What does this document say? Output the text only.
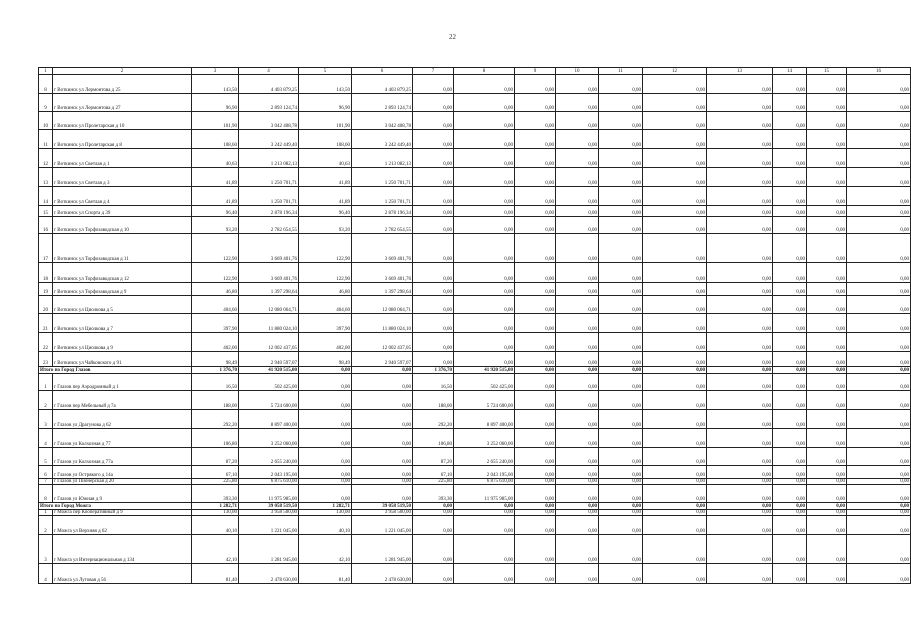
22
1	2	3	4	5	6	7	8	9	10	11	12	13	14	15	16
8	г Воткинск ул Лермонтова д 25	143,50	4 403 879,25	143,50	4 403 879,25	0,00	0,00	0,00	0,00	0,00	0,00	0,00	0,00	0,00	0,00
9	г Воткинск ул Лермонтова д 27	96,90	2 893 124,74	96,90	2 893 124,74	0,00	0,00	0,00	0,00	0,00	0,00	0,00	0,00	0,00	0,00
10	г Воткинск ул Пролетарская д 10	101,90	3 042 408,78	101,90	3 042 408,78	0,00	0,00	0,00	0,00	0,00	0,00	0,00	0,00	0,00	0,00
11	г Воткинск ул Пролетарская д 8	108,60	3 242 449,40	108,60	3 242 449,40	0,00	0,00	0,00	0,00	0,00	0,00	0,00	0,00	0,00	0,00
12	г Воткинск ул Светлая д 1	40,63	1 213 082,13	40,63	1 213 082,13	0,00	0,00	0,00	0,00	0,00	0,00	0,00	0,00	0,00	0,00
13	г Воткинск ул Светлая д 3	41,89	1 250 701,71	41,89	1 250 701,71	0,00	0,00	0,00	0,00	0,00	0,00	0,00	0,00	0,00	0,00
14	г Воткинск ул Светлая д 4	41,89	1 250 701,71	41,89	1 250 701,71	0,00	0,00	0,00	0,00	0,00	0,00	0,00	0,00	0,00	0,00
15	г Воткинск ул Спорта д 39	96,40	2 878 196,34	96,40	2 878 196,34	0,00	0,00	0,00	0,00	0,00	0,00	0,00	0,00	0,00	0,00
16	г Воткинск ул Торфозаводская д 10	93,20	2 782 654,55	93,20	2 782 654,55	0,00	0,00	0,00	0,00	0,00	0,00	0,00	0,00	0,00	0,00
17	г Воткинск ул Торфозаводская д 11	122,90	3 669 401,76	122,90	3 669 401,76	0,00	0,00	0,00	0,00	0,00	0,00	0,00	0,00	0,00	0,00
18	г Воткинск ул Торфозаводская д 12	122,90	3 669 401,76	122,90	3 669 401,76	0,00	0,00	0,00	0,00	0,00	0,00	0,00	0,00	0,00	0,00
19	г Воткинск ул Торфозаводская д 9	46,80	1 397 298,64	46,80	1 397 298,64	0,00	0,00	0,00	0,00	0,00	0,00	0,00	0,00	0,00	0,00
20	г Воткинск ул Циолкова д 5	404,60	12 080 064,71	404,60	12 080 064,71	0,00	0,00	0,00	0,00	0,00	0,00	0,00	0,00	0,00	0,00
21	г Воткинск ул Циолкова д 7	397,90	11 880 024,10	397,90	11 880 024,10	0,00	0,00	0,00	0,00	0,00	0,00	0,00	0,00	0,00	0,00
22	г Воткинск ул Циолкова д 9	402,00	12 002 437,05	402,00	12 002 437,05	0,00	0,00	0,00	0,00	0,00	0,00	0,00	0,00	0,00	0,00
23	г Воткинск ул Чайковского д 91	98,49	2 940 597,07	98,49	2 940 597,07	0,00	0,00	0,00	0,00	0,00	0,00	0,00	0,00	0,00	0,00
Итого по Город Глазов		1 376,70	41 920 515,00	0,00	0,00	1 376,70	41 920 515,00	0,00	0,00	0,00	0,00	0,00	0,00	0,00	0,00
1	г Глазов пер Аэродромный д 1	16,50	502 425,00	0,00	0,00	16,50	502 425,00	0,00	0,00	0,00	0,00	0,00	0,00	0,00	0,00
2	г Глазов пер Мебельный д 7а	188,00	5 724 600,00	0,00	0,00	188,00	5 724 600,00	0,00	0,00	0,00	0,00	0,00	0,00	0,00	0,00
3	г Глазов ул Драгунова д 62	292,20	8 897 400,00	0,00	0,00	292,20	8 897 400,00	0,00	0,00	0,00	0,00	0,00	0,00	0,00	0,00
4	г Глазов ул Колхозная д 77	106,80	3 252 060,00	0,00	0,00	106,80	3 252 060,00	0,00	0,00	0,00	0,00	0,00	0,00	0,00	0,00
5	г Глазов ул Колхозная д 77а	87,20	2 655 240,00	0,00	0,00	87,20	2 655 240,00	0,00	0,00	0,00	0,00	0,00	0,00	0,00	0,00
6	г Глазов ул Острякого д 14а	67,10	2 043 195,00	0,00	0,00	67,10	2 043 195,00	0,00	0,00	0,00	0,00	0,00	0,00	0,00	0,00
7	г Глазов ул Пионерская д 20	225,80	6 875 610,00	0,00	0,00	225,80	6 875 610,00	0,00	0,00	0,00	0,00	0,00	0,00	0,00	0,00
8	г Глазов ул Южная д 9	393,30	11 975 985,00	0,00	0,00	393,30	11 975 985,00	0,00	0,00	0,00	0,00	0,00	0,00	0,00	0,00
Итого по Город Можга		1 282,71	39 058 519,50	1 282,71	39 058 519,50	0,00	0,00	0,00	0,00	0,00	0,00	0,00	0,00	0,00	0,00
1	г Можга пер Кооперативный д 9	130,00	3 958 500,00	130,00	3 958 500,00	0,00	0,00	0,00	0,00	0,00	0,00	0,00	0,00	0,00	0,00
2	г Можга ул Верхняя д 62	40,10	1 221 045,00	40,10	1 221 045,00	0,00	0,00	0,00	0,00	0,00	0,00	0,00	0,00	0,00	0,00
3	г Можга ул Интернациональная д 134	42,10	1 281 945,00	42,10	1 281 945,00	0,00	0,00	0,00	0,00	0,00	0,00	0,00	0,00	0,00	0,00
4	г Можга ул Луговая д 56	81,40	2 478 630,00	81,40	2 478 630,00	0,00	0,00	0,00	0,00	0,00	0,00	0,00	0,00	0,00	0,00
